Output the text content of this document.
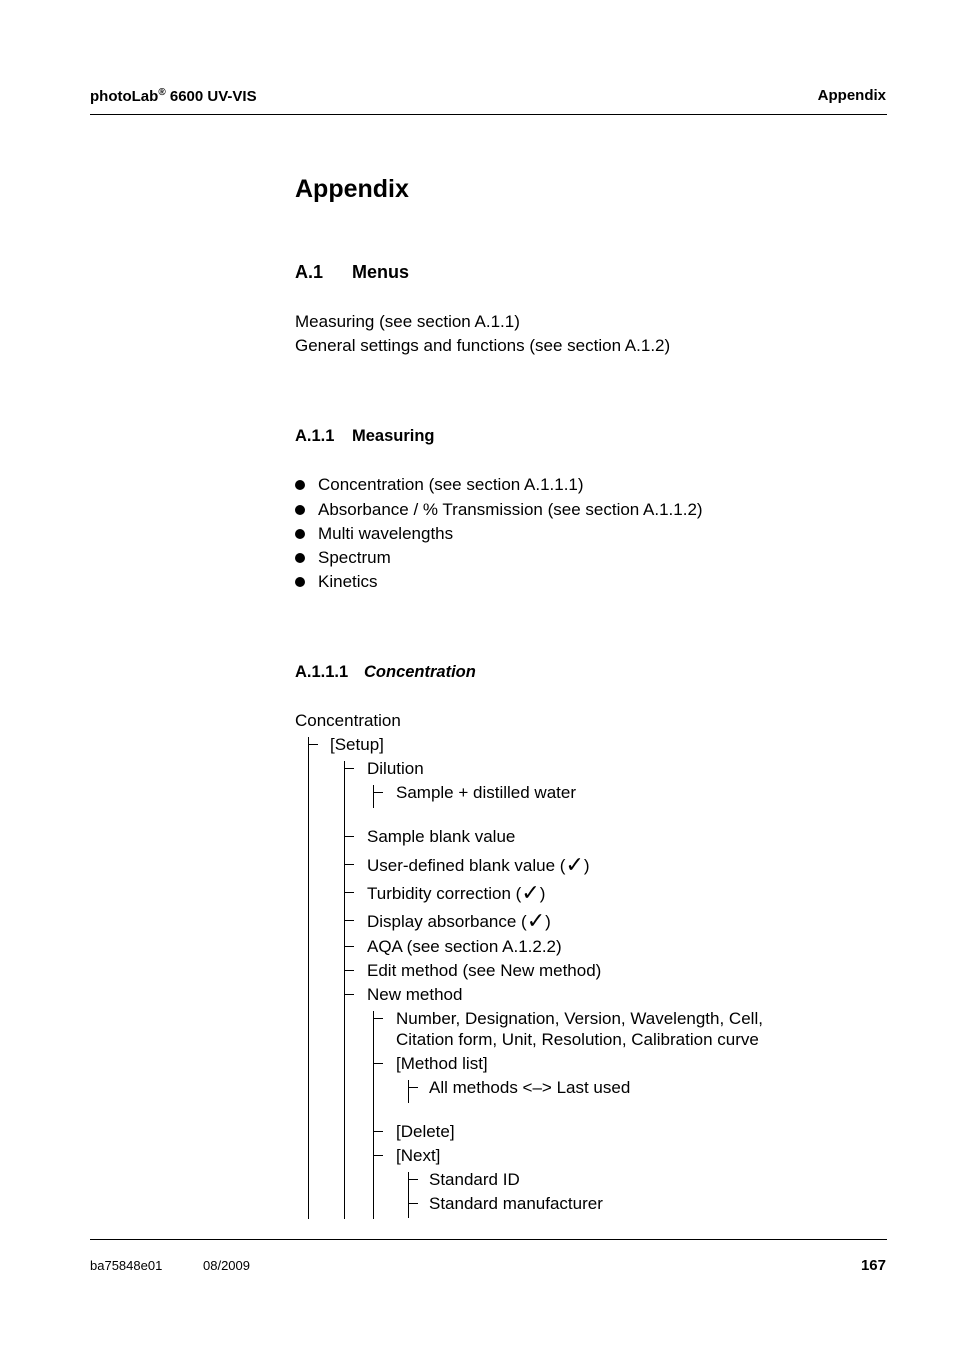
photoLab® 6600 UV-VIS	Appendix
Appendix
A.1 Menus
Measuring (see section A.1.1)
General settings and functions (see section A.1.2)
A.1.1 Measuring
Concentration (see section A.1.1.1)
Absorbance / % Transmission (see section A.1.1.2)
Multi wavelengths
Spectrum
Kinetics
A.1.1.1 Concentration
Concentration
[Setup]
Dilution
Sample + distilled water
Sample blank value
User-defined blank value (✓)
Turbidity correction (✓)
Display absorbance (✓)
AQA (see section A.1.2.2)
Edit method (see New method)
New method
Number, Designation, Version, Wavelength, Cell,
Citation form, Unit, Resolution, Calibration curve
[Method list]
All methods <–> Last used
[Delete]
[Next]
Standard ID
Standard manufacturer
ba75848e01	08/2009	167
